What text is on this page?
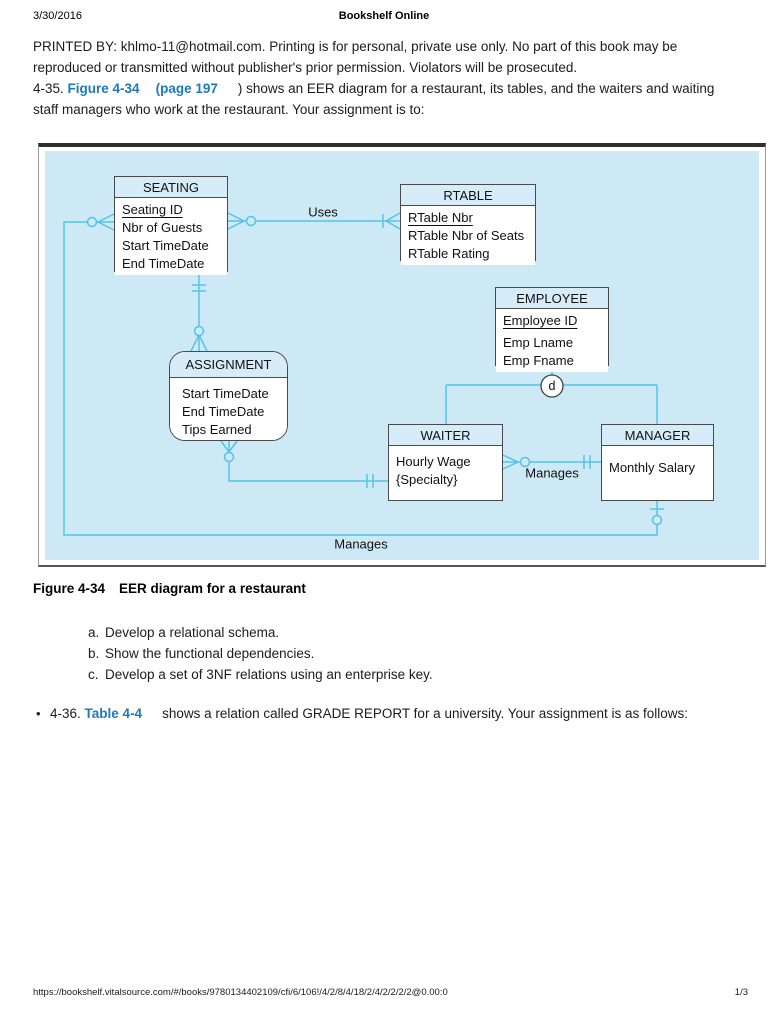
3/30/2016	Bookshelf Online
PRINTED BY: khlmo-11@hotmail.com. Printing is for personal, private use only. No part of this book may be reproduced or transmitted without publisher's prior permission. Violators will be prosecuted.
4-35. Figure 4-34 (page 197 ) shows an EER diagram for a restaurant, its tables, and the waiters and waiting staff managers who work at the restaurant. Your assignment is to:
SEATING
Seating ID
Nbr of Guests
Start TimeDate
End TimeDate
RTABLE
RTable Nbr
RTable Nbr of Seats
RTable Rating
EMPLOYEE
Employee ID
Emp Lname
Emp Fname
ASSIGNMENT
Start TimeDate
End TimeDate
Tips Earned	WAITER
Hourly Wage
{Specialty}
MANAGER
Monthly Salary
Uses
Manages
Manages
d
Figure 4-34 EER diagram for a restaurant
a. Develop a relational schema.
b. Show the functional dependencies.
c. Develop a set of 3NF relations using an enterprise key.
• 4-36. Table 4-4 shows a relation called GRADE REPORT for a university. Your assignment is as follows:
https://bookshelf.vitalsource.com/#/books/9780134402109/cfi/6/106!/4/2/8/4/18/2/4/2/2/2/2@0.00:0	1/3
